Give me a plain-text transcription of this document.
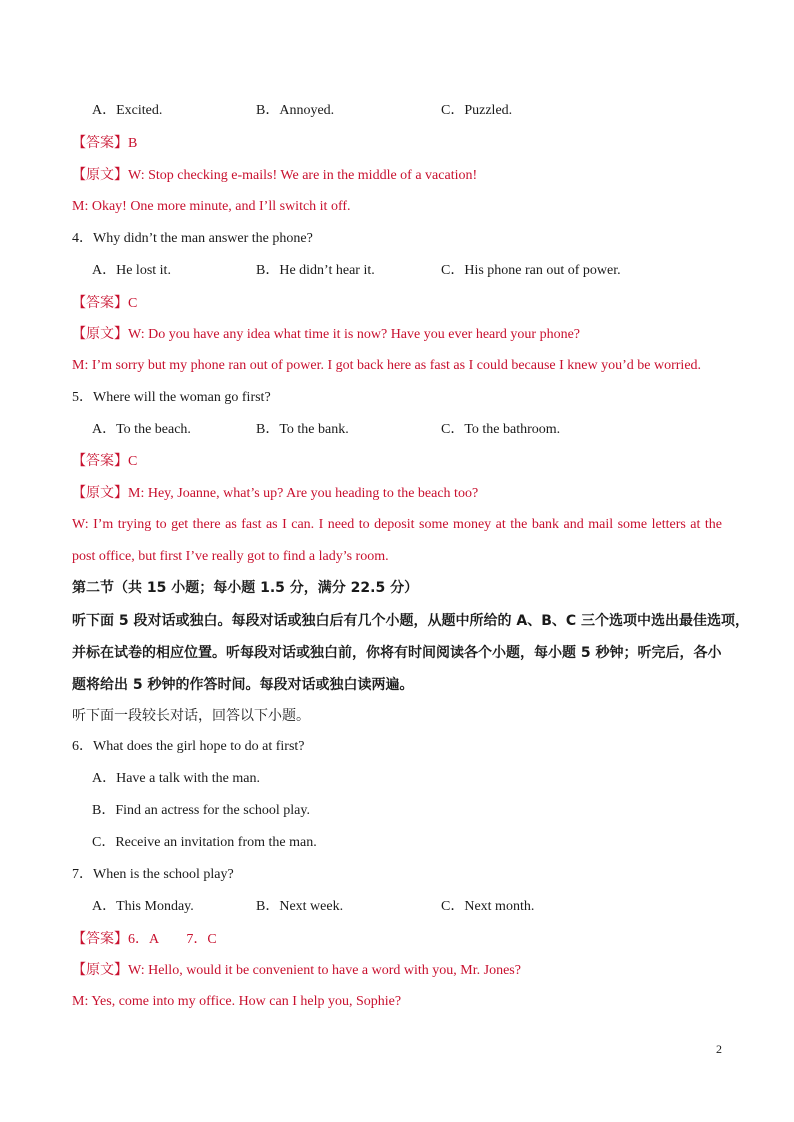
A．Excited.	B．Annoyed.	C．Puzzled.
【答案】B
【原文】W: Stop checking e-mails! We are in the middle of a vacation!
M: Okay! One more minute, and I’ll switch it off.
4．Why didn’t the man answer the phone?
A．He lost it.	B．He didn’t hear it.	C．His phone ran out of power.
【答案】C
【原文】W: Do you have any idea what time it is now? Have you ever heard your phone?
M: I’m sorry but my phone ran out of power. I got back here as fast as I could because I knew you’d be worried.
5．Where will the woman go first?
A．To the beach.	B．To the bank.	C．To the bathroom.
【答案】C
【原文】M: Hey, Joanne, what’s up? Are you heading to the beach too?
W: I’m trying to get there as fast as I can. I need to deposit some money at the bank and mail some letters at the
post office, but first I’ve really got to find a lady’s room.
第二节（共 15 小题；每小题 1.5 分，满分 22.5 分）
听下面 5 段对话或独白。每段对话或独白后有几个小题，从题中所给的 A、B、C 三个选项中选出最佳选项，
并标在试卷的相应位置。听每段对话或独白前，你将有时间阅读各个小题，每小题 5 秒钟；听完后，各小
题将给出 5 秒钟的作答时间。每段对话或独白读两遍。
听下面一段较长对话，回答以下小题。
6．What does the girl hope to do at first?
A．Have a talk with the man.
B．Find an actress for the school play.
C．Receive an invitation from the man.
7．When is the school play?
A．This Monday.	B．Next week.	C．Next month.
【答案】6．A　　7．C
【原文】W: Hello, would it be convenient to have a word with you, Mr. Jones?
M: Yes, come into my office. How can I help you, Sophie?
2
